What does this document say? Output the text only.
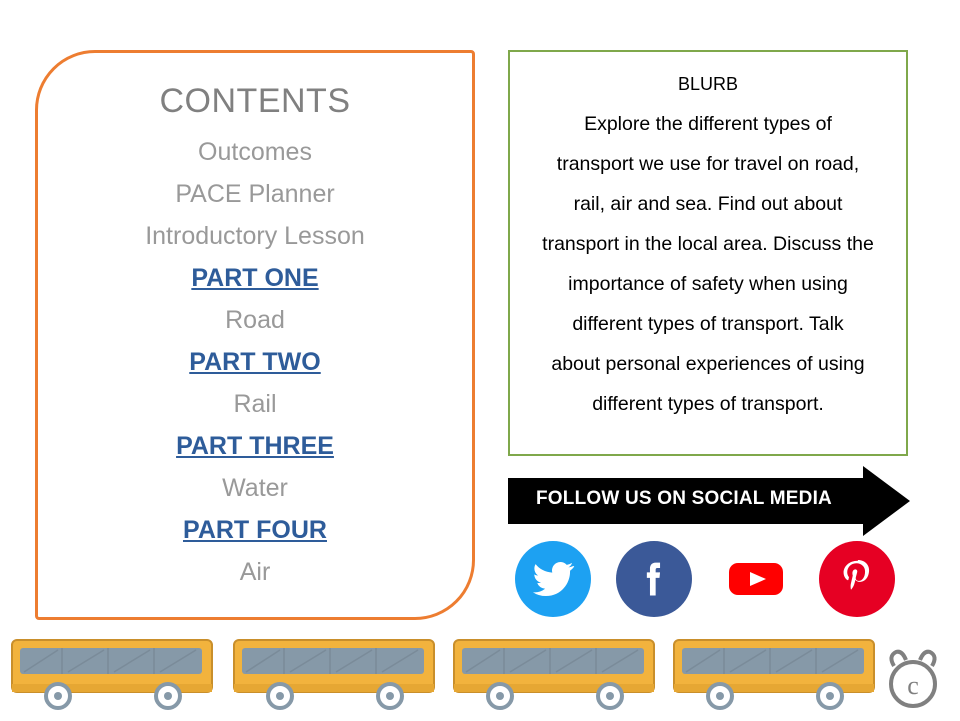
CONTENTS
Outcomes
PACE Planner
Introductory Lesson
PART ONE
Road
PART TWO
Rail
PART THREE
Water
PART FOUR
Air
BLURB
Explore the different types of
transport we use for travel on road,
rail, air and sea. Find out about
transport in the local area. Discuss the
importance of safety when using
different types of transport. Talk
about personal experiences of using
different types of transport.
FOLLOW US ON SOCIAL MEDIA
c
